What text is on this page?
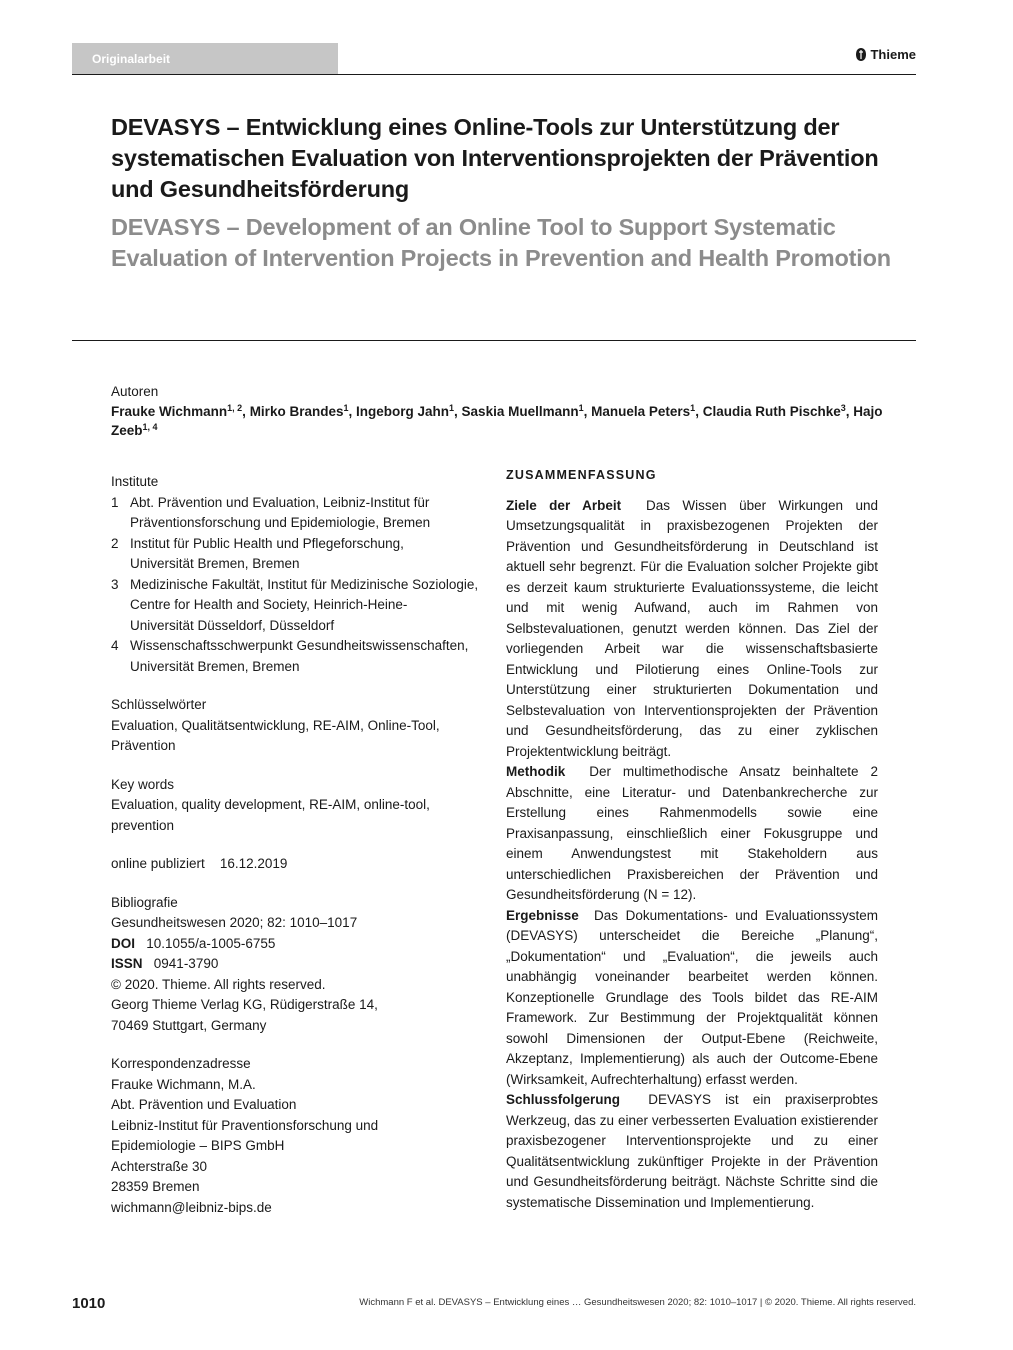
Originalarbeit	Thieme
DEVASYS – Entwicklung eines Online-Tools zur Unterstützung der systematischen Evaluation von Interventionsprojekten der Prävention und Gesundheitsförderung
DEVASYS – Development of an Online Tool to Support Systematic Evaluation of Intervention Projects in Prevention and Health Promotion
Autoren
Frauke Wichmann$^{1, 2}$, Mirko Brandes$^1$, Ingeborg Jahn$^1$, Saskia Muellmann$^1$, Manuela Peters$^1$, Claudia Ruth Pischke$^3$, Hajo Zeeb$^{1, 4}$
Institute
1 Abt. Prävention und Evaluation, Leibniz-Institut für
Präventionsforschung und Epidemiologie, Bremen
2 Institut für Public Health und Pflegeforschung,
Universität Bremen, Bremen
3 Medizinische Fakultät, Institut für Medizinische Soziologie,
Centre for Health and Society, Heinrich-Heine-
Universität Düsseldorf, Düsseldorf
4 Wissenschaftsschwerpunkt Gesundheitswissenschaften,
Universität Bremen, Bremen
Schlüsselwörter
Evaluation, Qualitätsentwicklung, RE-AIM, Online-Tool,
Prävention
Key words
Evaluation, quality development, RE-AIM, online-tool,
prevention
online publiziert 16.12.2019
Bibliografie
Gesundheitswesen 2020; 82: 1010–1017
DOI 10.1055/a-1005-6755
ISSN 0941-3790
© 2020. Thieme. All rights reserved.
Georg Thieme Verlag KG, Rüdigerstraße 14,
70469 Stuttgart, Germany
Korrespondenzadresse
Frauke Wichmann, M.A.
Abt. Prävention und Evaluation
Leibniz-Institut für Praventionsforschung und
Epidemiologie – BIPS GmbH
Achterstraße 30
28359 Bremen
wichmann@leibniz-bips.de
ZUSAMMENFASSUNG

Ziele der Arbeit Das Wissen über Wirkungen und Umsetzungsqualität in praxisbezogenen Projekten der Prävention und Gesundheitsförderung in Deutschland ist aktuell sehr begrenzt. Für die Evaluation solcher Projekte gibt es derzeit kaum strukturierte Evaluationssysteme, die leicht und mit wenig Aufwand, auch im Rahmen von Selbstevaluationen, genutzt werden können. Das Ziel der vorliegenden Arbeit war die wissenschaftsbasierte Entwicklung und Pilotierung eines Online-Tools zur Unterstützung einer strukturierten Dokumentation und Selbstevaluation von Interventionsprojekten der Prävention und Gesundheitsförderung, das zu einer zyklischen Projektentwicklung beiträgt.

Methodik Der multimethodische Ansatz beinhaltete 2 Abschnitte, eine Literatur- und Datenbankrecherche zur Erstellung eines Rahmenmodells sowie eine Praxisanpassung, einschließlich einer Fokusgruppe und einem Anwendungstest mit Stakeholdern aus unterschiedlichen Praxisbereichen der Prävention und Gesundheitsförderung (N = 12).

Ergebnisse Das Dokumentations- und Evaluationssystem (DEVASYS) unterscheidet die Bereiche „Planung“, „Dokumentation“ und „Evaluation“, die jeweils auch unabhängig voneinander bearbeitet werden können. Konzeptionelle Grundlage des Tools bildet das RE-AIM Framework. Zur Bestimmung der Projektqualität können sowohl Dimensionen der Output-Ebene (Reichweite, Akzeptanz, Implementierung) als auch der Outcome-Ebene (Wirksamkeit, Aufrechterhaltung) erfasst werden.

Schlussfolgerung DEVASYS ist ein praxiserprobtes Werkzeug, das zu einer verbesserten Evaluation existierender praxisbezogener Interventionsprojekte und zu einer Qualitätsentwicklung zukünftiger Projekte in der Prävention und Gesundheitsförderung beiträgt. Nächste Schritte sind die systematische Dissemination und Implementierung.

1010	Wichmann F et al. DEVASYS – Entwicklung eines … Gesundheitswesen 2020; 82: 1010–1017 | © 2020. Thieme. All rights reserved.
